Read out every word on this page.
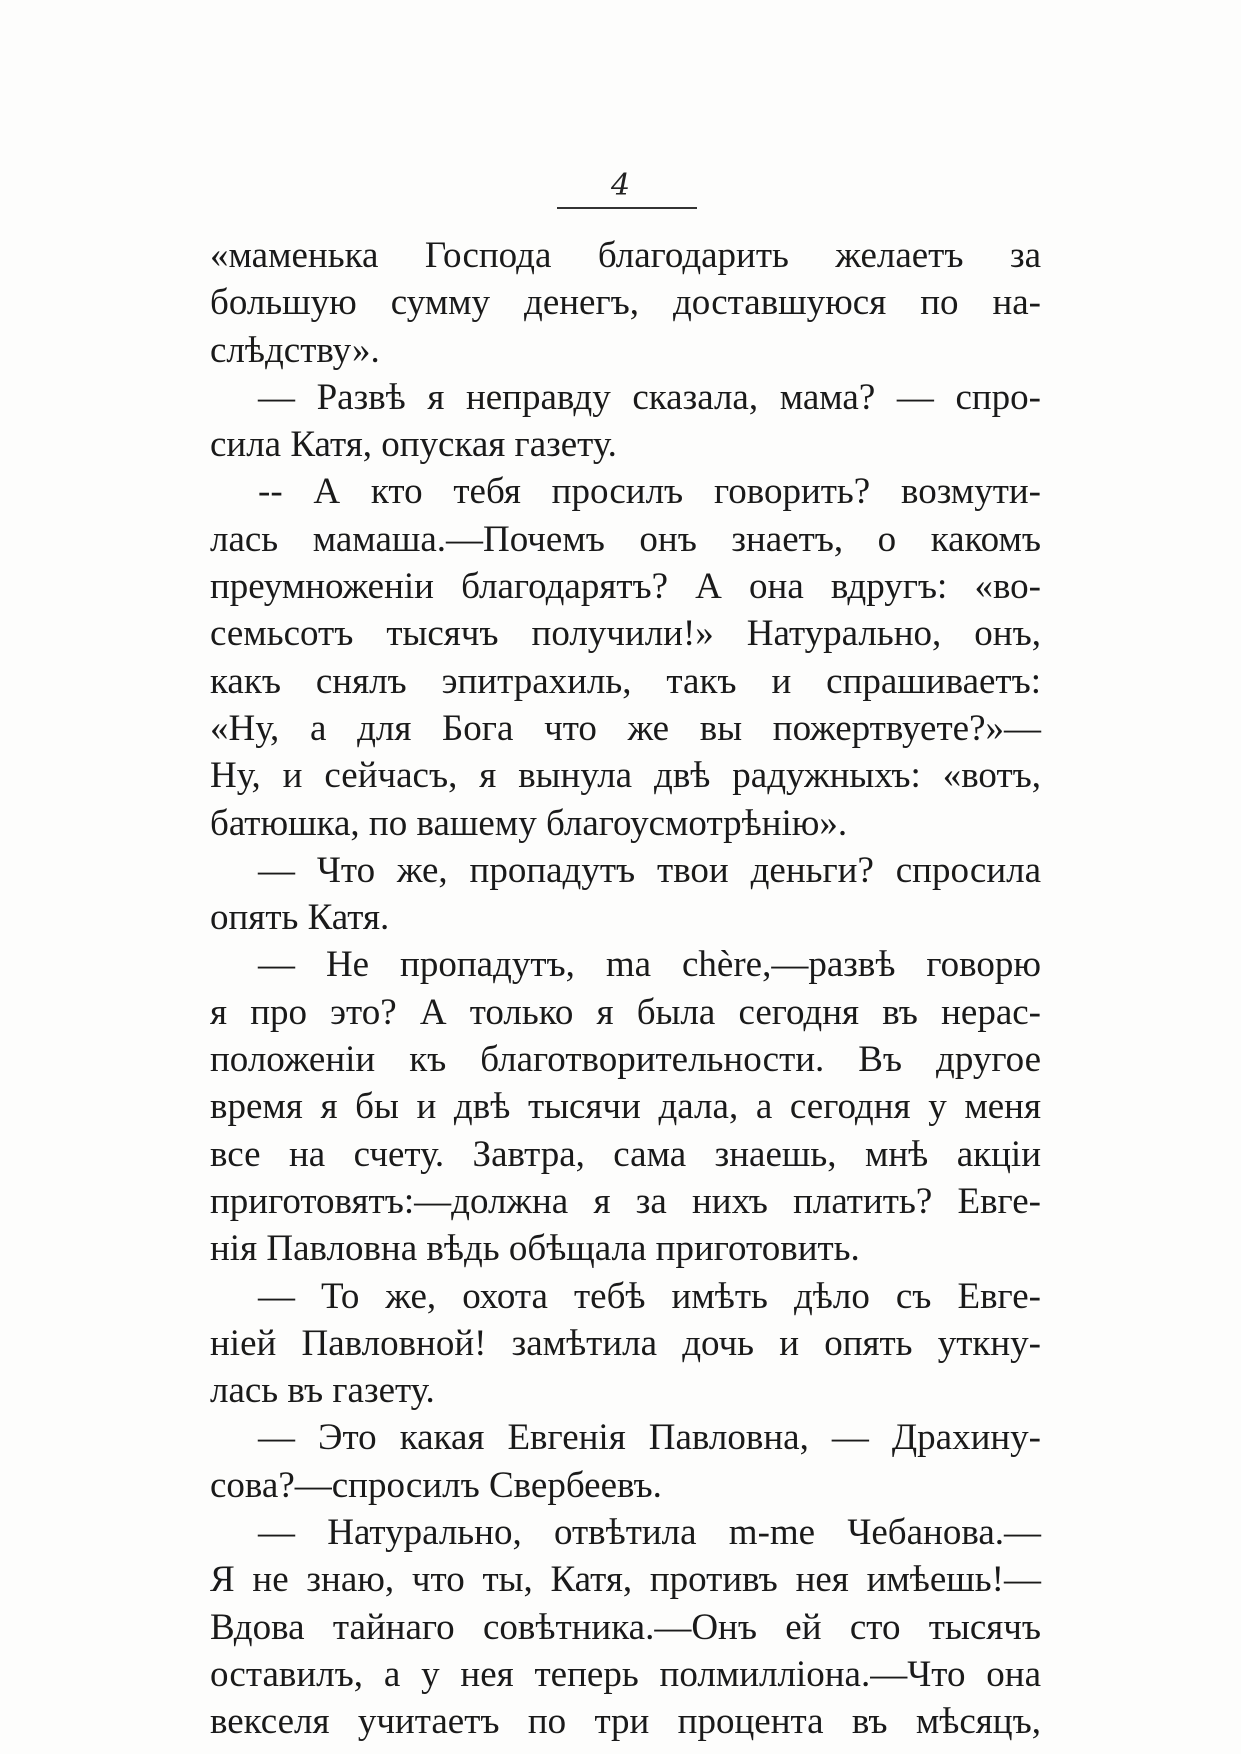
4
«маменька Господа благодарить желаетъ за
большую сумму денегъ, доставшуюся по на-
слѣдству».
— Развѣ я неправду сказала, мама? — спро-
сила Катя, опуская газету.
-- А кто тебя просилъ говорить? возмути-
лась мамаша.—Почемъ онъ знаетъ, о какомъ
преумноженіи благодарятъ? А она вдругъ: «во-
семьсотъ тысячъ получили!» Натурально, онъ,
какъ снялъ эпитрахиль, такъ и спрашиваетъ:
«Ну, а для Бога что же вы пожертвуете?»—
Ну, и сейчасъ, я вынула двѣ радужныхъ: «вотъ,
батюшка, по вашему благоусмотрѣнію».
— Что же, пропадутъ твои деньги? спросила
опять Катя.
— Не пропадутъ, ma chère,—развѣ говорю
я про это? А только я была сегодня въ нерас-
положеніи къ благотворительности. Въ другое
время я бы и двѣ тысячи дала, а сегодня у меня
все на счету. Завтра, сама знаешь, мнѣ акціи
приготовятъ:—должна я за нихъ платить? Евге-
нія Павловна вѣдь обѣщала приготовить.
— То же, охота тебѣ имѣть дѣло съ Евге-
ніей Павловной! замѣтила дочь и опять уткну-
лась въ газету.
— Это какая Евгенія Павловна, — Драхину-
сова?—спросилъ Свербеевъ.
— Натурально, отвѣтила m-me Чебанова.—
Я не знаю, что ты, Катя, противъ нея имѣешь!—
Вдова тайнаго совѣтника.—Онъ ей сто тысячъ
оставилъ, а у нея теперь полмилліона.—Что она
векселя учитаетъ по три процента въ мѣсяцъ,
